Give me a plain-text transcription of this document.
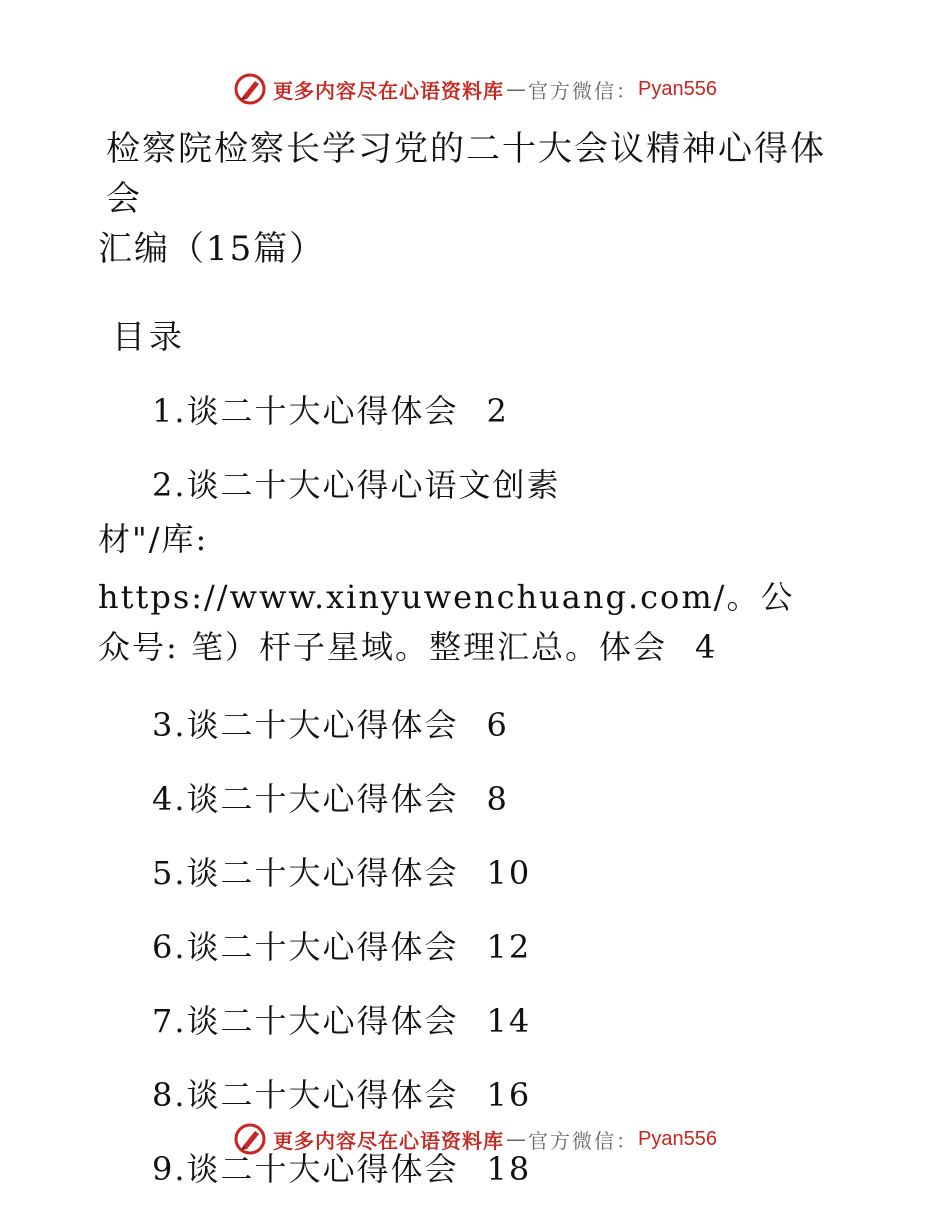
更多内容尽在心语资料库 — 官方微信： Pyan556
检察院检察长学习党的二十大会议精神心得体会
汇编（15篇）
目录
1.谈二十大心得体会 2
2.谈二十大心得心语文创素
材"/库: https://www.xinyuwenchuang.com/。公
众号: 笔）杆子星域。整理汇总。体会 4
3.谈二十大心得体会 6
4.谈二十大心得体会 8
5.谈二十大心得体会 10
6.谈二十大心得体会 12
7.谈二十大心得体会 14
8.谈二十大心得体会 16
9.谈二十大心得体会 18
更多内容尽在心语资料库 — 官方微信： Pyan556
